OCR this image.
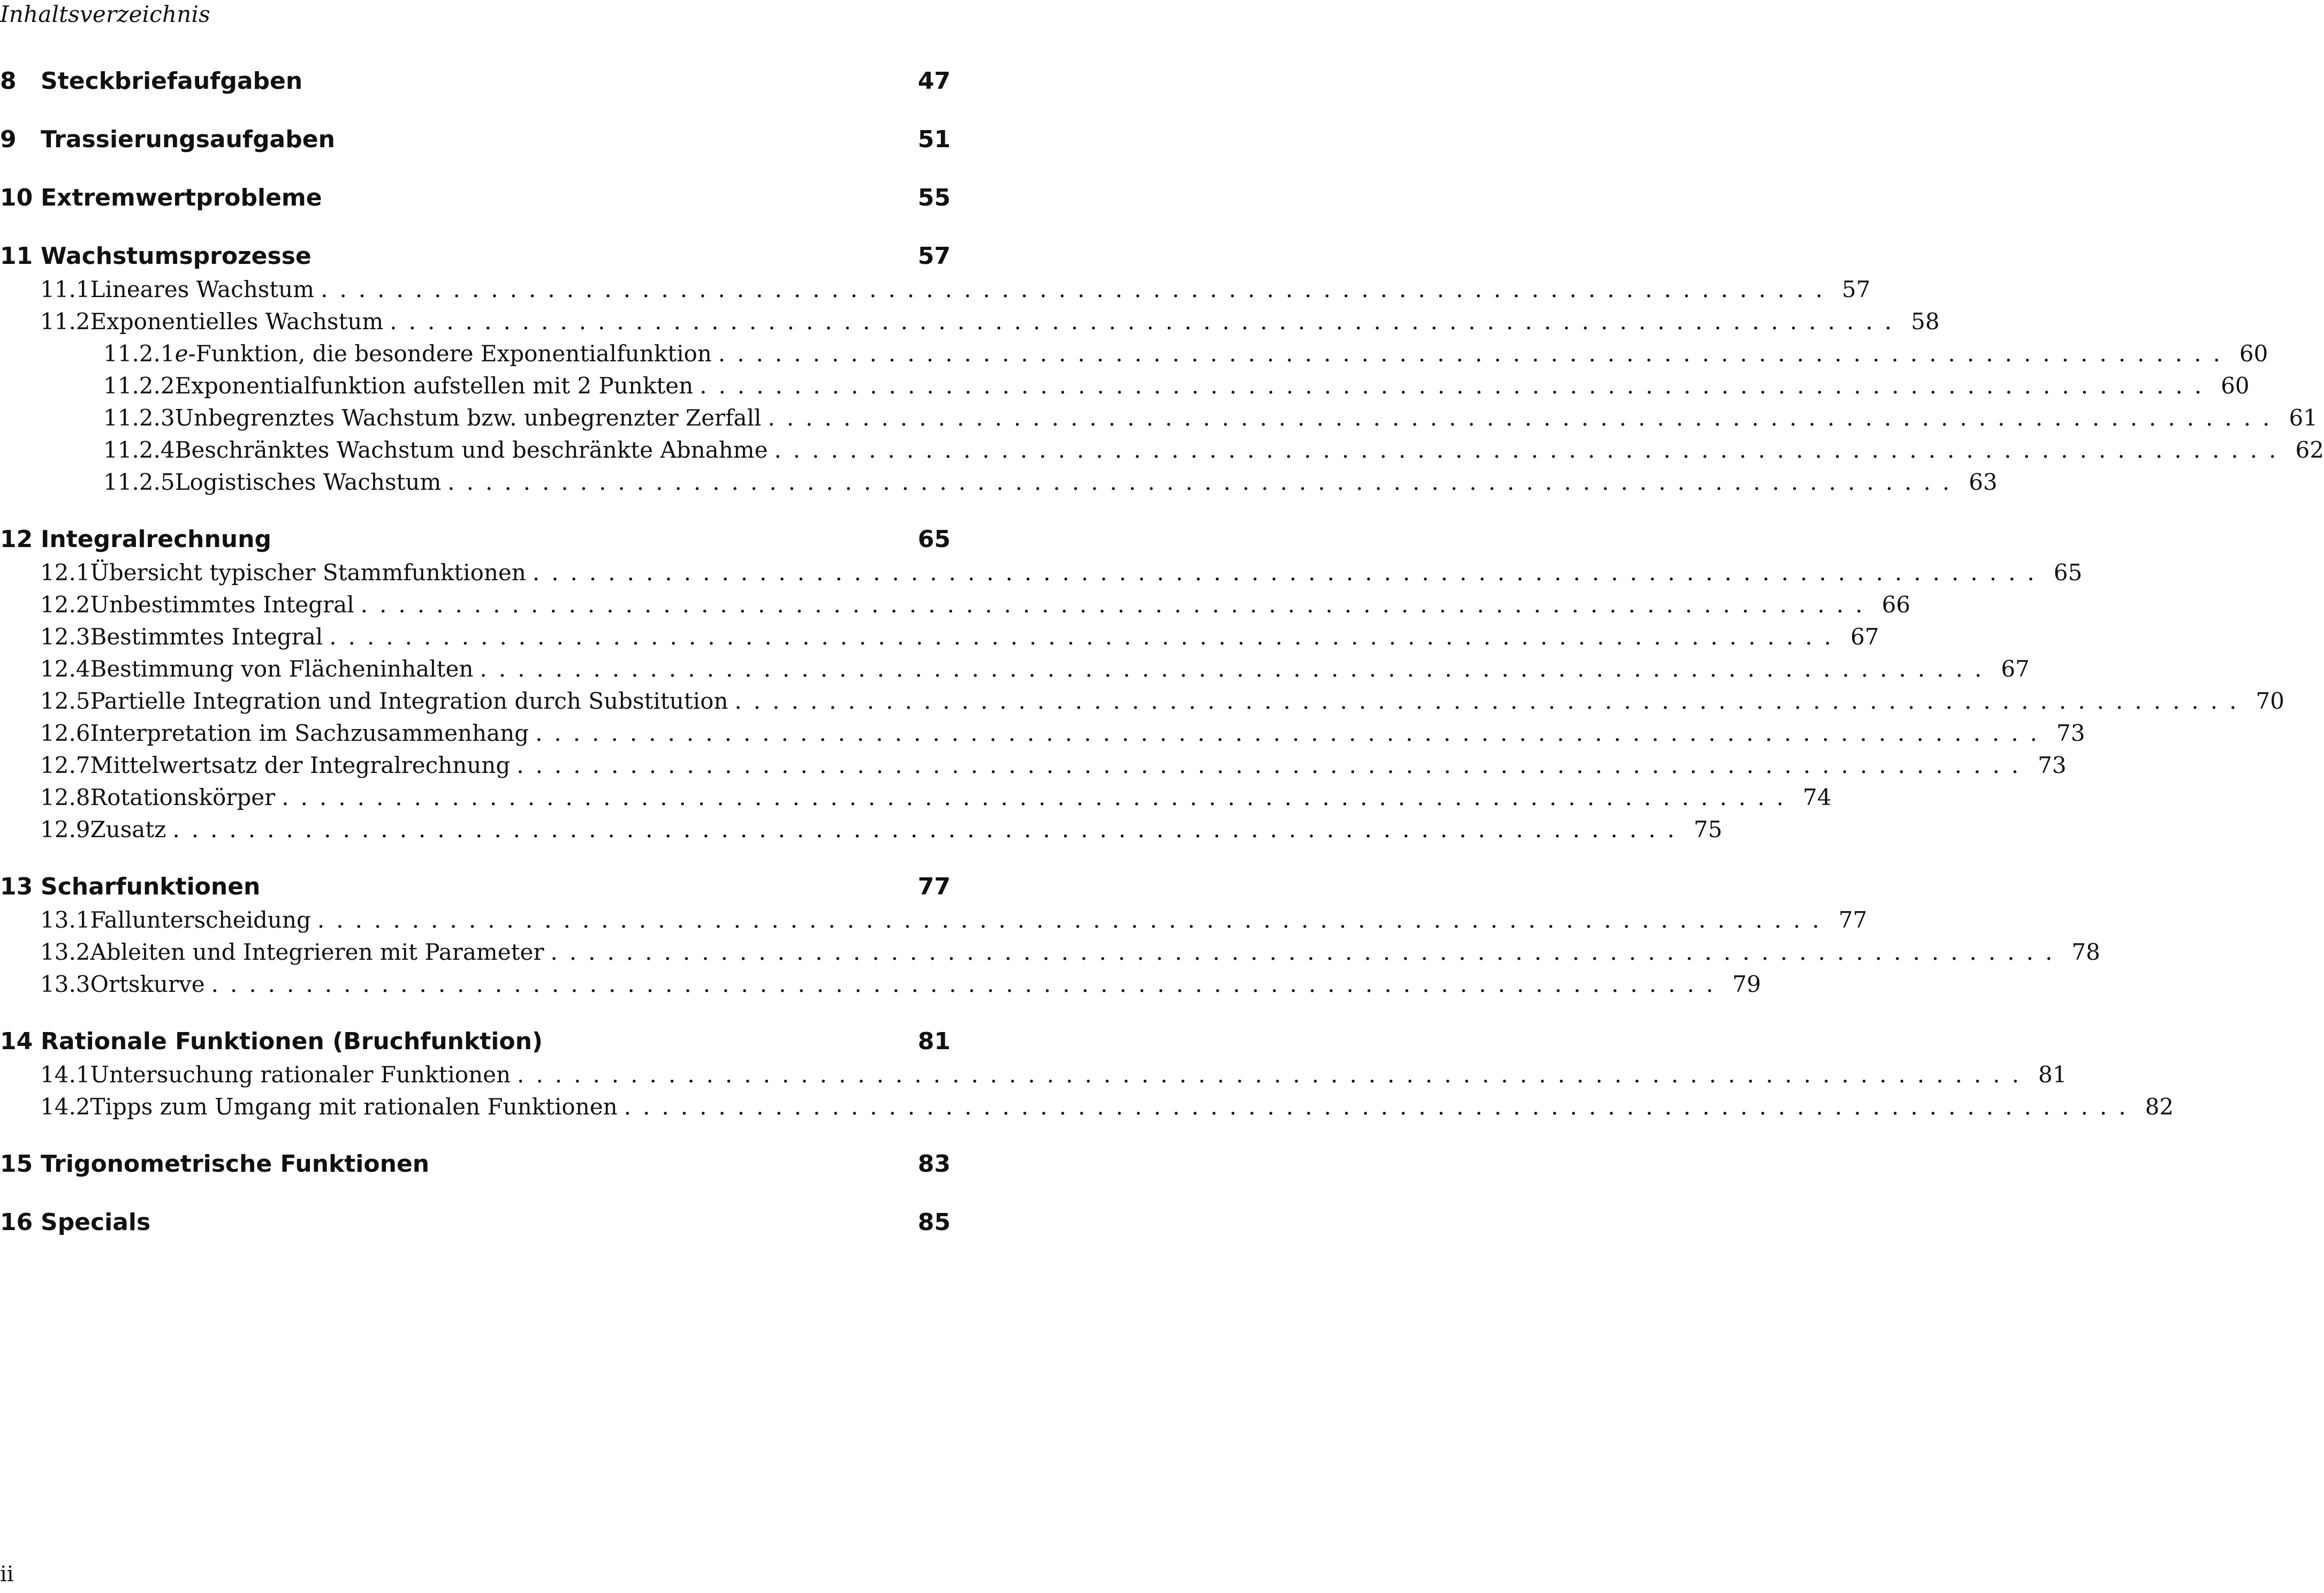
Inhaltsverzeichnis
8	Steckbriefaufgaben	47
9	Trassierungsaufgaben	51
10 Extremwertprobleme	55
11 Wachstumsprozesse	57
11.1 Lineares Wachstum ................................................................................ 57
11.2 Exponentielles Wachstum ................................................................................ 58
11.2.1 e-Funktion, die besondere Exponentialfunktion ................................................................................ 60
11.2.2 Exponentialfunktion aufstellen mit 2 Punkten ................................................................................ 60
11.2.3 Unbegrenztes Wachstum bzw. unbegrenzter Zerfall ................................................................................ 61
11.2.4 Beschränktes Wachstum und beschränkte Abnahme ................................................................................ 62
11.2.5 Logistisches Wachstum ................................................................................ 63
12 Integralrechnung	65
12.1 Übersicht typischer Stammfunktionen ................................................................................ 65
12.2 Unbestimmtes Integral ................................................................................ 66
12.3 Bestimmtes Integral ................................................................................ 67
12.4 Bestimmung von Flächeninhalten ................................................................................ 67
12.5 Partielle Integration und Integration durch Substitution ................................................................................ 70
12.6 Interpretation im Sachzusammenhang ................................................................................ 73
12.7 Mittelwertsatz der Integralrechnung ................................................................................ 73
12.8 Rotationskörper ................................................................................ 74
12.9 Zusatz ................................................................................ 75
13 Scharfunktionen	77
13.1 Fallunterscheidung ................................................................................ 77
13.2 Ableiten und Integrieren mit Parameter ................................................................................ 78
13.3 Ortskurve ................................................................................ 79
14 Rationale Funktionen (Bruchfunktion)	81
14.1 Untersuchung rationaler Funktionen ................................................................................ 81
14.2 Tipps zum Umgang mit rationalen Funktionen ................................................................................ 82
15 Trigonometrische Funktionen	83
16 Specials	85
ii
